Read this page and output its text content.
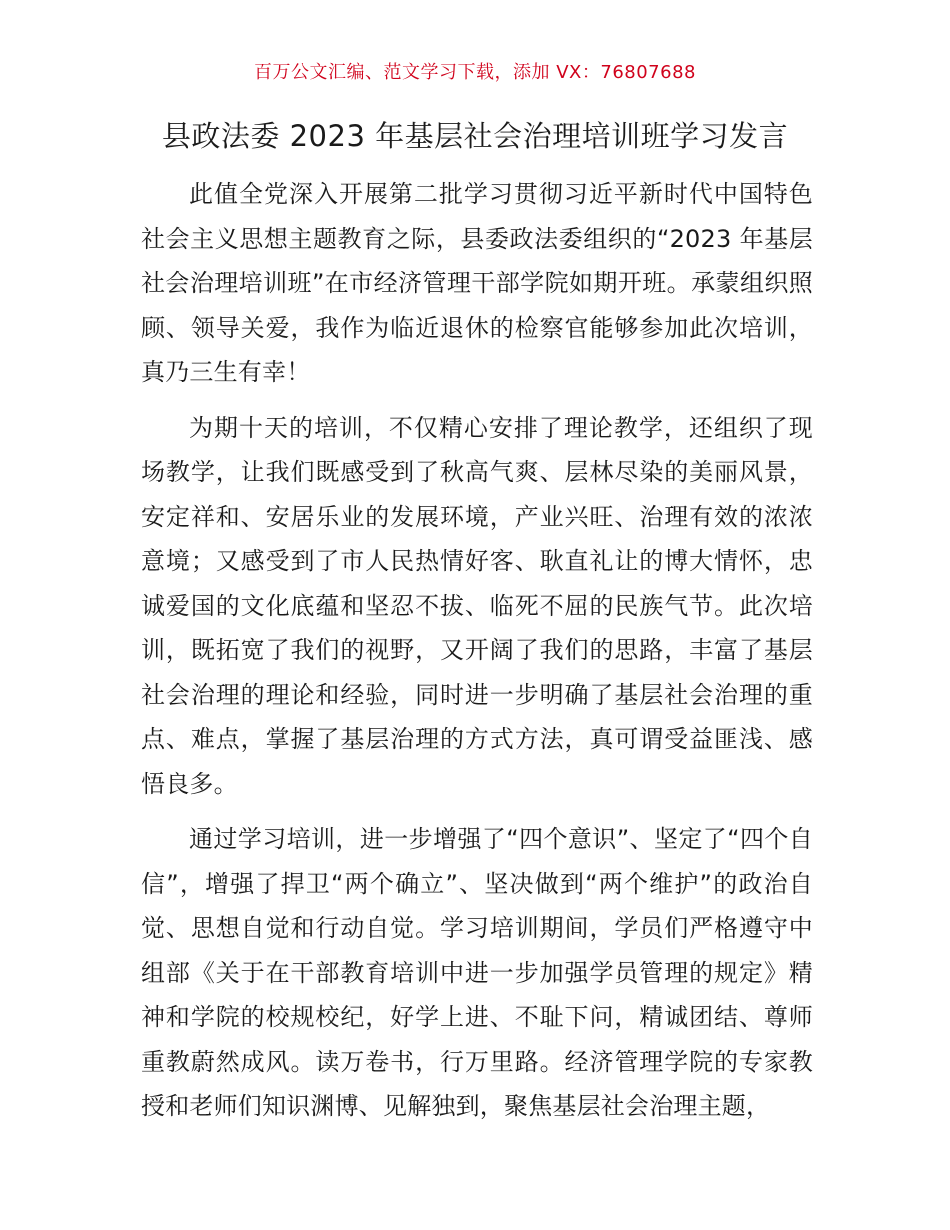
百万公文汇编、范文学习下载，添加 VX：76807688
县政法委 2023 年基层社会治理培训班学习发言

此值全党深入开展第二批学习贯彻习近平新时代中国特色社会主义思想主题教育之际，县委政法委组织的“2023 年基层社会治理培训班”在市经济管理干部学院如期开班。承蒙组织照顾、领导关爱，我作为临近退休的检察官能够参加此次培训，真乃三生有幸！

为期十天的培训，不仅精心安排了理论教学，还组织了现场教学，让我们既感受到了秋高气爽、层林尽染的美丽风景，安定祥和、安居乐业的发展环境，产业兴旺、治理有效的浓浓意境；又感受到了市人民热情好客、耿直礼让的博大情怀，忠诚爱国的文化底蕴和坚忍不拔、临死不屈的民族气节。此次培训，既拓宽了我们的视野，又开阔了我们的思路，丰富了基层社会治理的理论和经验，同时进一步明确了基层社会治理的重点、难点，掌握了基层治理的方式方法，真可谓受益匪浅、感悟良多。

通过学习培训，进一步增强了“四个意识”、坚定了“四个自信”，增强了捍卫“两个确立”、坚决做到“两个维护”的政治自觉、思想自觉和行动自觉。学习培训期间，学员们严格遵守中组部《关于在干部教育培训中进一步加强学员管理的规定》精神和学院的校规校纪，好学上进、不耻下问，精诚团结、尊师重教蔚然成风。读万卷书，行万里路。经济管理学院的专家教授和老师们知识渊博、见解独到，聚焦基层社会治理主题，
